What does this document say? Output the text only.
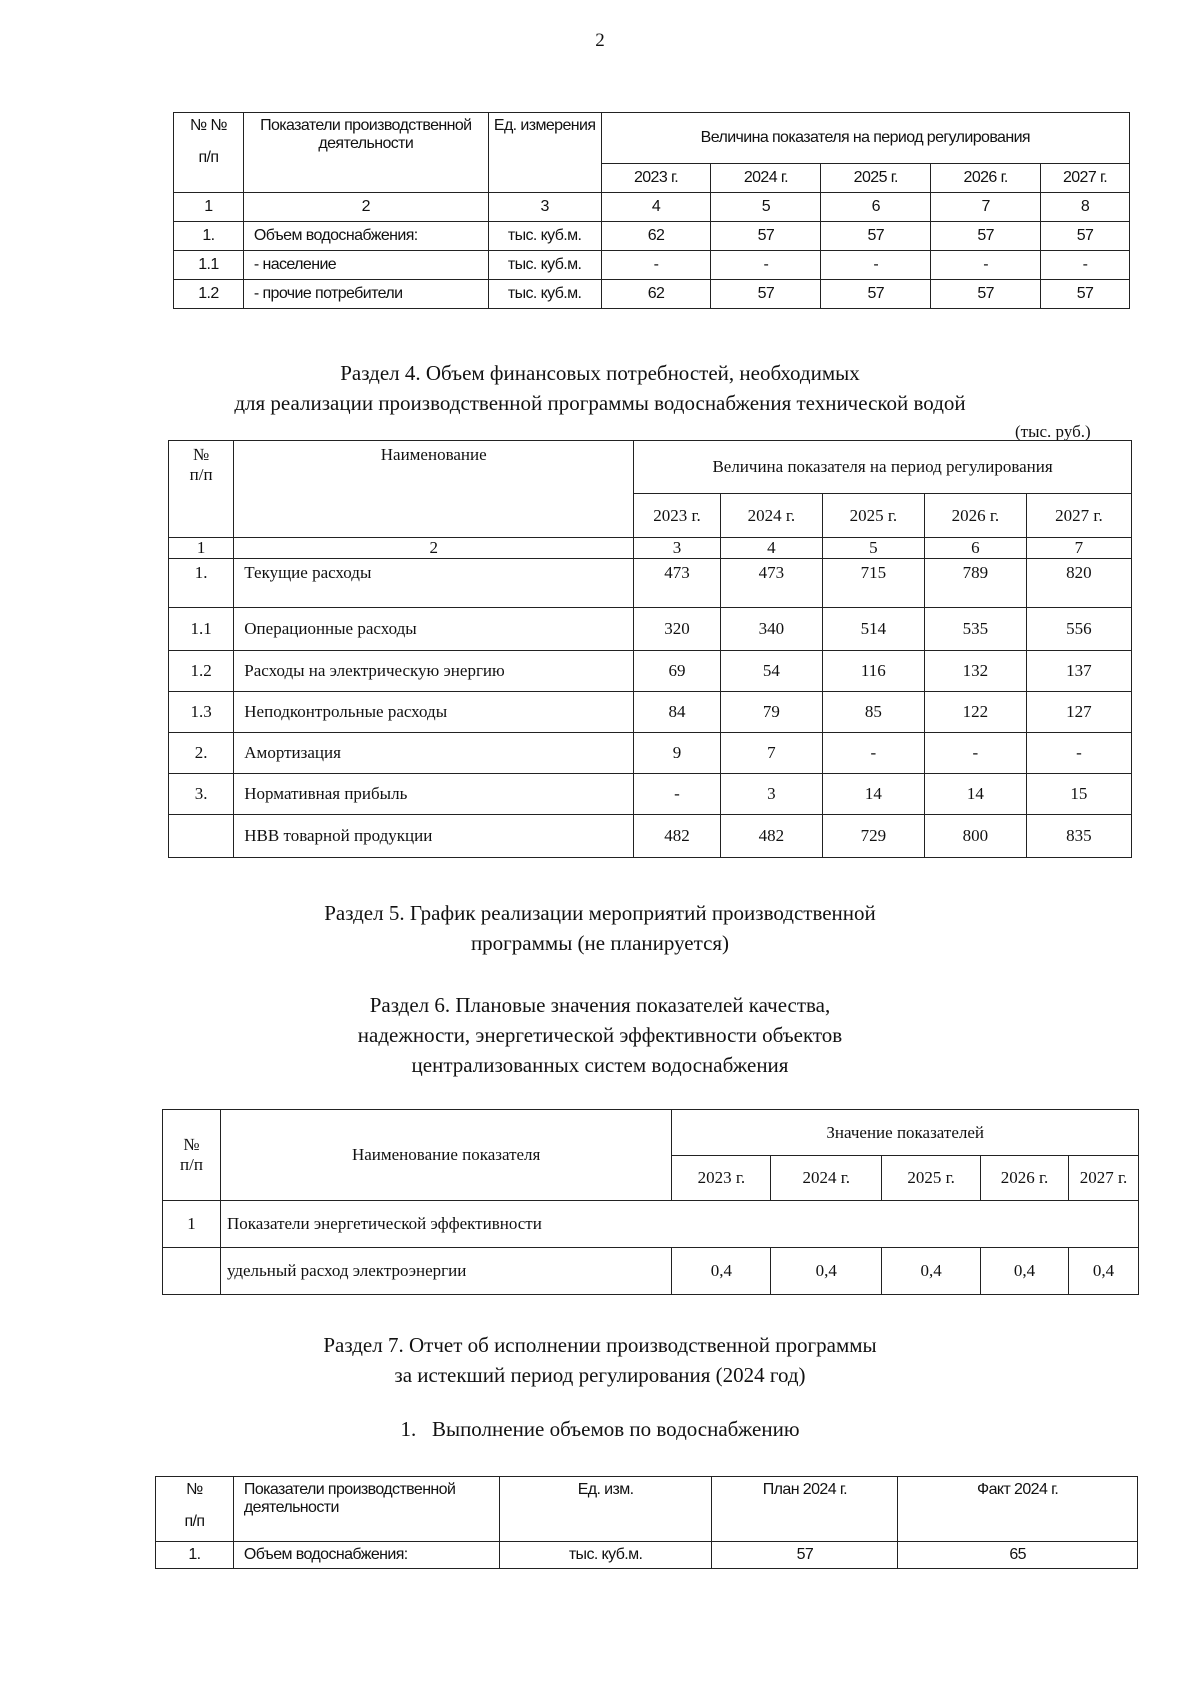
2
№ №
п/п	Показатели производственной деятельности	Ед. измерения	Величина показателя на период регулирования				
			2023 г.	2024 г.	2025 г.	2026 г.	2027 г.
1	2	3	4	5	6	7	8
1.	Объем водоснабжения:	тыс. куб.м.	62	57	57	57	57
1.1	- население	тыс. куб.м.	-	-	-	-	-
1.2	- прочие потребители	тыс. куб.м.	62	57	57	57	57
Раздел 4. Объем финансовых потребностей, необходимых
для реализации производственной программы водоснабжения технической водой
(тыс. руб.)
№
п/п	Наименование	Величина показателя на период регулирования				
		2023 г.	2024 г.	2025 г.	2026 г.	2027 г.
1	2	3	4	5	6	7
1.	Текущие расходы	473	473	715	789	820
1.1	Операционные расходы	320	340	514	535	556
1.2	Расходы на электрическую энергию	69	54	116	132	137
1.3	Неподконтрольные расходы	84	79	85	122	127
2.	Амортизация	9	7	-	-	-
3.	Нормативная прибыль	-	3	14	14	15
	НВВ товарной продукции	482	482	729	800	835
Раздел 5. График реализации мероприятий производственной
программы (не планируется)
Раздел 6. Плановые значения показателей качества,
надежности, энергетической эффективности объектов
централизованных систем водоснабжения
№
п/п	Наименование показателя	Значение показателей				
		2023 г.	2024 г.	2025 г.	2026 г.	2027 г.
1	Показатели энергетической эффективности					
	удельный расход электроэнергии	0,4	0,4	0,4	0,4	0,4
Раздел 7. Отчет об исполнении производственной программы
за истекший период регулирования (2024 год)
1.   Выполнение объемов по водоснабжению
№
п/п	Показатели производственной деятельности	Ед. изм.	План 2024 г.	Факт 2024 г.
1.	Объем водоснабжения:	тыс. куб.м.	57	65
